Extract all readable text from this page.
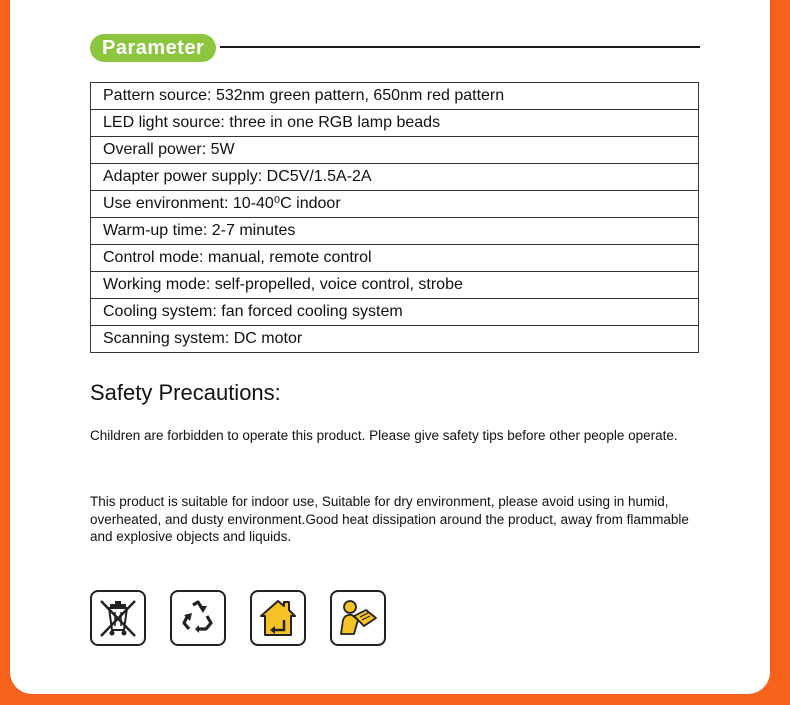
Parameter
Pattern source: 532nm green pattern, 650nm red pattern
LED light source: three in one RGB lamp beads
Overall power: 5W
Adapter power supply: DC5V/1.5A-2A
Use environment: 10-40⁰C indoor
Warm-up time: 2-7 minutes
Control mode: manual, remote control
Working mode: self-propelled, voice control, strobe
Cooling system: fan forced cooling system
Scanning system: DC motor
Safety Precautions:
Children are forbidden to operate this product. Please give safety tips before other people operate.
This product is suitable for indoor use, Suitable for dry environment, please avoid using in humid, overheated, and dusty environment.Good heat dissipation around the product, away from flammable and explosive objects and liquids.
